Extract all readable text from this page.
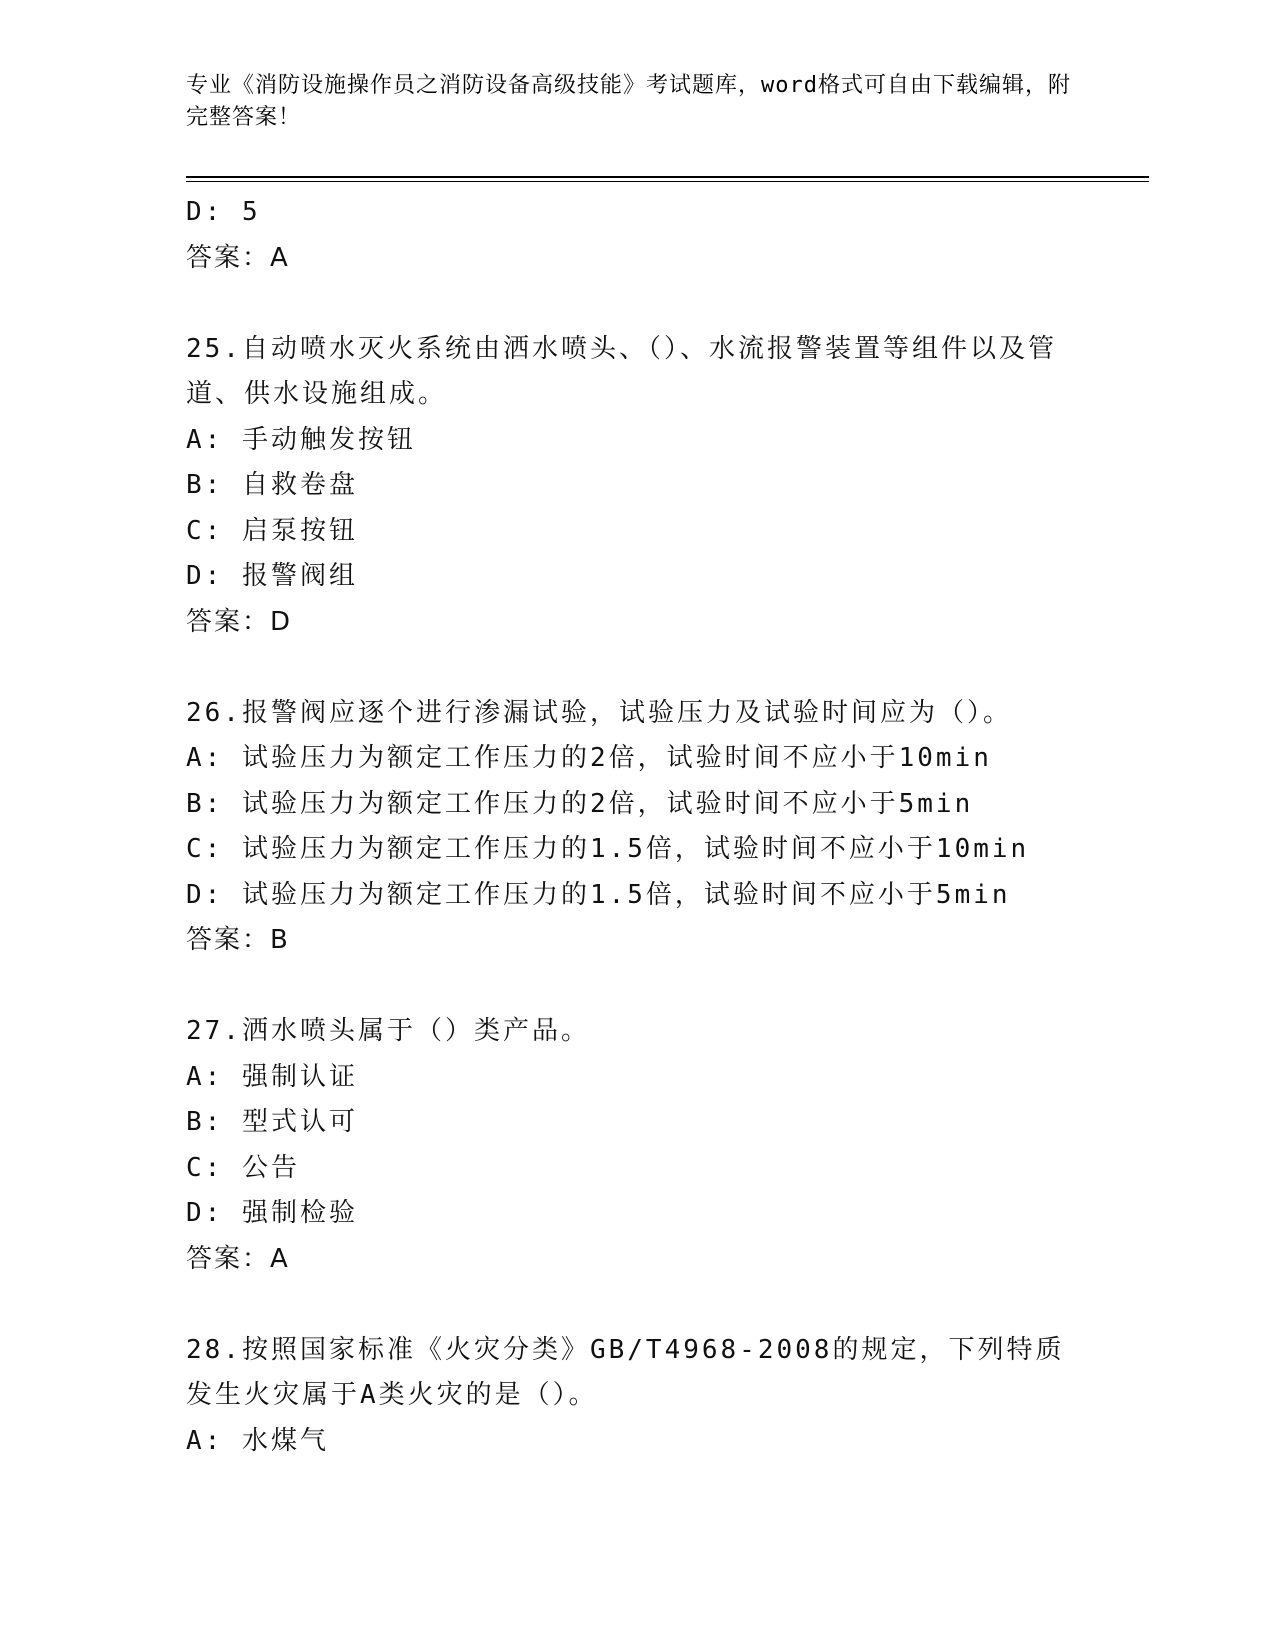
专业《消防设施操作员之消防设备高级技能》考试题库，word格式可自由下载编辑，附完整答案！
D: 5
答案：A
25.自动喷水灭火系统由洒水喷头、（）、水流报警装置等组件以及管道、供水设施组成。
A: 手动触发按钮
B: 自救卷盘
C: 启泵按钮
D: 报警阀组
答案：D
26.报警阀应逐个进行渗漏试验，试验压力及试验时间应为（）。
A: 试验压力为额定工作压力的2倍，试验时间不应小于10min
B: 试验压力为额定工作压力的2倍，试验时间不应小于5min
C: 试验压力为额定工作压力的1.5倍，试验时间不应小于10min
D: 试验压力为额定工作压力的1.5倍，试验时间不应小于5min
答案：B
27.洒水喷头属于（）类产品。
A: 强制认证
B: 型式认可
C: 公告
D: 强制检验
答案：A
28.按照国家标准《火灾分类》GB/T4968-2008的规定，下列特质发生火灾属于A类火灾的是（）。
A: 水煤气
